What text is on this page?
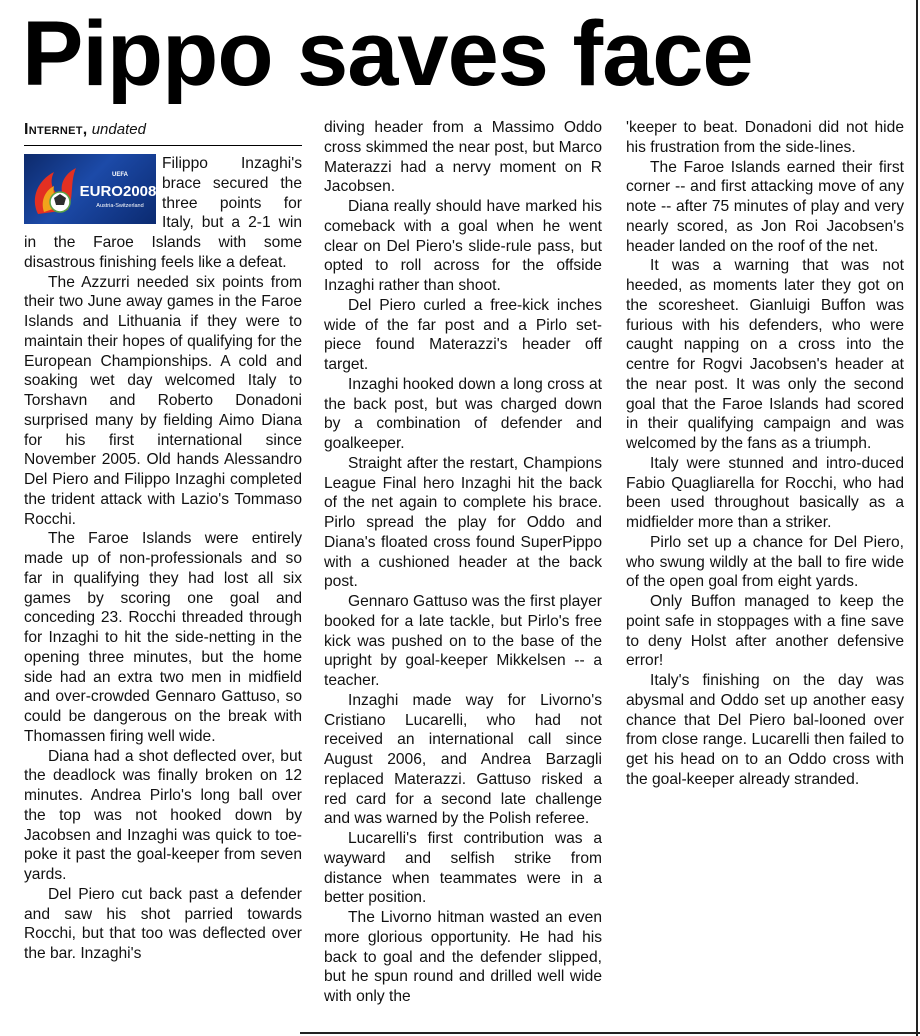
Pippo saves face
Internet, undated
UEFA
EURO2008
Austria-Switzerland

Filippo Inzaghi's brace secured the three points for Italy, but a 2-1 win in the Faroe Islands with some disastrous finishing feels like a defeat.

The Azzurri needed six points from their two June away games in the Faroe Islands and Lithuania if they were to maintain their hopes of qualifying for the European Championships. A cold and soaking wet day welcomed Italy to Torshavn and Roberto Donadoni surprised many by fielding Aimo Diana for his first international since November 2005. Old hands Alessandro Del Piero and Filippo Inzaghi completed the trident attack with Lazio's Tommaso Rocchi.

The Faroe Islands were entirely made up of non-professionals and so far in qualifying they had lost all six games by scoring one goal and conceding 23. Rocchi threaded through for Inzaghi to hit the side-netting in the opening three minutes, but the home side had an extra two men in midfield and over-crowded Gennaro Gattuso, so could be dangerous on the break with Thomassen firing well wide.

Diana had a shot deflected over, but the deadlock was finally broken on 12 minutes. Andrea Pirlo's long ball over the top was not hooked down by Jacobsen and Inzaghi was quick to toe-poke it past the goal-keeper from seven yards.

Del Piero cut back past a defender and saw his shot parried towards Rocchi, but that too was deflected over the bar. Inzaghi's

diving header from a Massimo Oddo cross skimmed the near post, but Marco Materazzi had a nervy moment on R Jacobsen.

Diana really should have marked his comeback with a goal when he went clear on Del Piero's slide-rule pass, but opted to roll across for the offside Inzaghi rather than shoot.

Del Piero curled a free-kick inches wide of the far post and a Pirlo set-piece found Materazzi's header off target.

Inzaghi hooked down a long cross at the back post, but was charged down by a combination of defender and goalkeeper.

Straight after the restart, Champions League Final hero Inzaghi hit the back of the net again to complete his brace. Pirlo spread the play for Oddo and Diana's floated cross found SuperPippo with a cushioned header at the back post.

Gennaro Gattuso was the first player booked for a late tackle, but Pirlo's free kick was pushed on to the base of the upright by goal-keeper Mikkelsen -- a teacher.

Inzaghi made way for Livorno's Cristiano Lucarelli, who had not received an international call since August 2006, and Andrea Barzagli replaced Materazzi. Gattuso risked a red card for a second late challenge and was warned by the Polish referee.

Lucarelli's first contribution was a wayward and selfish strike from distance when teammates were in a better position.

The Livorno hitman wasted an even more glorious opportunity. He had his back to goal and the defender slipped, but he spun round and drilled well wide with only the

'keeper to beat. Donadoni did not hide his frustration from the side-lines.

The Faroe Islands earned their first corner -- and first attacking move of any note -- after 75 minutes of play and very nearly scored, as Jon Roi Jacobsen's header landed on the roof of the net.

It was a warning that was not heeded, as moments later they got on the scoresheet. Gianluigi Buffon was furious with his defenders, who were caught napping on a cross into the centre for Rogvi Jacobsen's header at the near post. It was only the second goal that the Faroe Islands had scored in their qualifying campaign and was welcomed by the fans as a triumph.

Italy were stunned and intro-duced Fabio Quagliarella for Rocchi, who had been used throughout basically as a midfielder more than a striker.

Pirlo set up a chance for Del Piero, who swung wildly at the ball to fire wide of the open goal from eight yards.

Only Buffon managed to keep the point safe in stoppages with a fine save to deny Holst after another defensive error!

Italy's finishing on the day was abysmal and Oddo set up another easy chance that Del Piero bal-looned over from close range. Lucarelli then failed to get his head on to an Oddo cross with the goal-keeper already stranded.
